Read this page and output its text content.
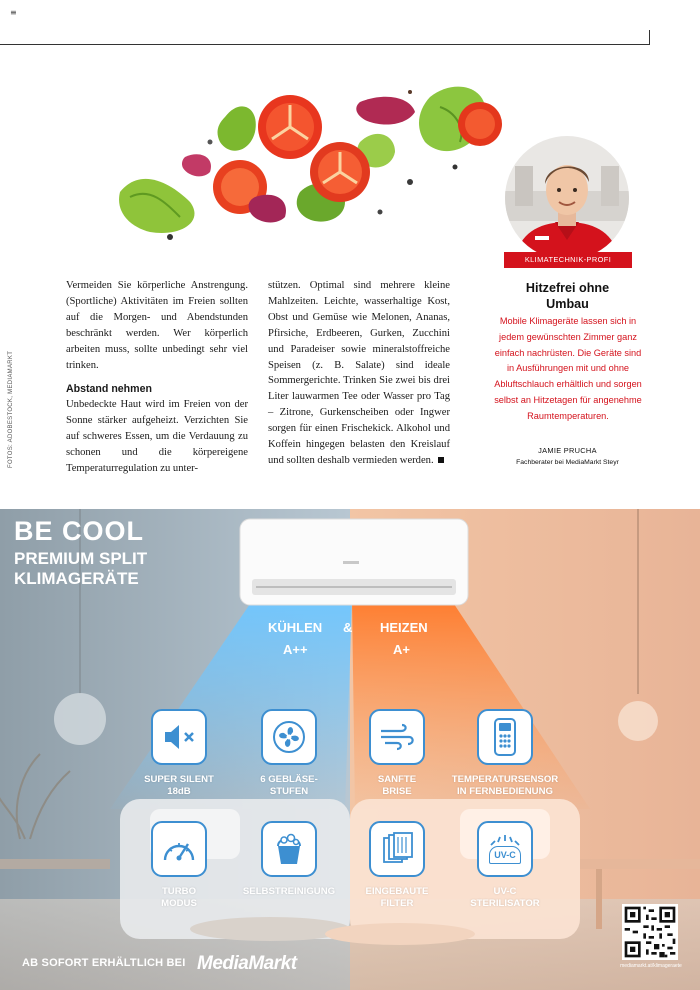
≡

Vermeiden Sie körperliche Anstrengung. (Sportliche) Aktivitäten im Freien sollten auf die Morgen- und Abendstunden beschränkt werden. Wer körperlich arbeiten muss, sollte unbedingt sehr viel trinken.

Abstand nehmen

Unbedeckte Haut wird im Freien von der Sonne stärker aufgeheizt. Verzichten Sie auf schweres Essen, um die Verdauung zu schonen und die körpereigene Temperaturregulation zu unter-

stützen. Optimal sind mehrere kleine Mahlzeiten. Leichte, wasserhaltige Kost, Obst und Gemüse wie Melonen, Ananas, Pfirsiche, Erdbeeren, Gurken, Zucchini und Paradeiser sowie mineralstoffreiche Speisen (z. B. Salate) sind ideale Sommergerichte. Trinken Sie zwei bis drei Liter lauwarmen Tee oder Wasser pro Tag – Zitrone, Gurkenscheiben oder Ingwer sorgen für einen Frischekick. Alkohol und Koffein hingegen belasten den Kreislauf und sollten deshalb vermieden werden.

FOTOS: ADOBESTOCK, MEDIAMARKT
KLIMATECHNIK-PROFI
Hitzefrei ohne
Umbau
Mobile Klimageräte lassen sich in jedem gewünschten Zimmer ganz einfach nachrüsten. Die Geräte sind in Ausführungen mit und ohne Abluftschlauch erhältlich und sorgen selbst an Hitzetagen für angenehme Raumtemperaturen.
JAMIE PRUCHA
Fachberater bei MediaMarkt Steyr
BE COOL
PREMIUM SPLIT
KLIMAGERÄTE
KÜHLEN & HEIZEN
A++	A+
SUPER SILENT
18dB
6 GEBLÄSE-
STUFEN
SANFTE
BRISE
TEMPERATURSENSOR
IN FERNBEDIENUNG
TURBO
MODUS
SELBSTREINIGUNG	EINGEBAUTE
FILTER
UV-C
UV-C
STERILISATOR
AB SOFORT ERHÄLTLICH BEI MediaMarkt	mediamarkt.at/klimageraete
